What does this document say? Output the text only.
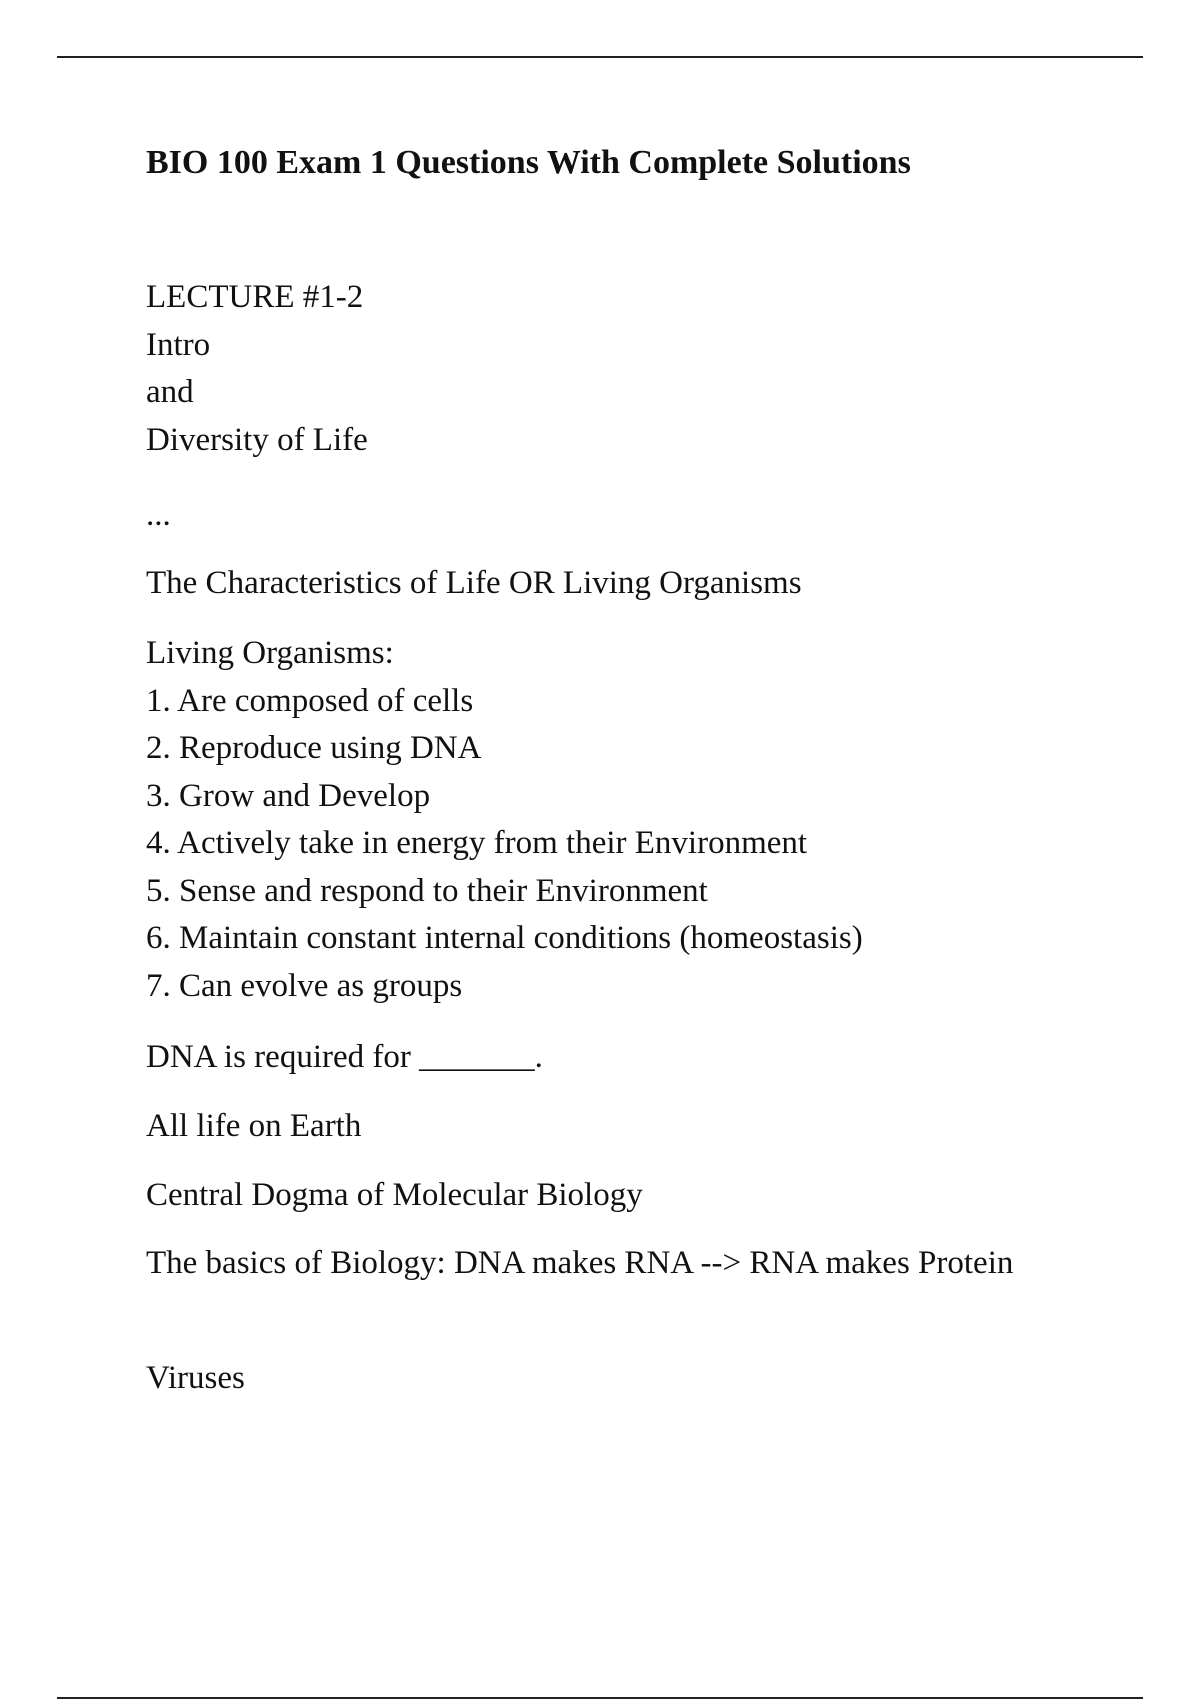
BIO 100 Exam 1 Questions With Complete Solutions
LECTURE #1-2
Intro
and
Diversity of Life
...
The Characteristics of Life OR Living Organisms
Living Organisms:
1. Are composed of cells
2. Reproduce using DNA
3. Grow and Develop
4. Actively take in energy from their Environment
5. Sense and respond to their Environment
6. Maintain constant internal conditions (homeostasis)
7. Can evolve as groups
DNA is required for _______.
All life on Earth
Central Dogma of Molecular Biology
The basics of Biology: DNA makes RNA --> RNA makes Protein
Viruses
